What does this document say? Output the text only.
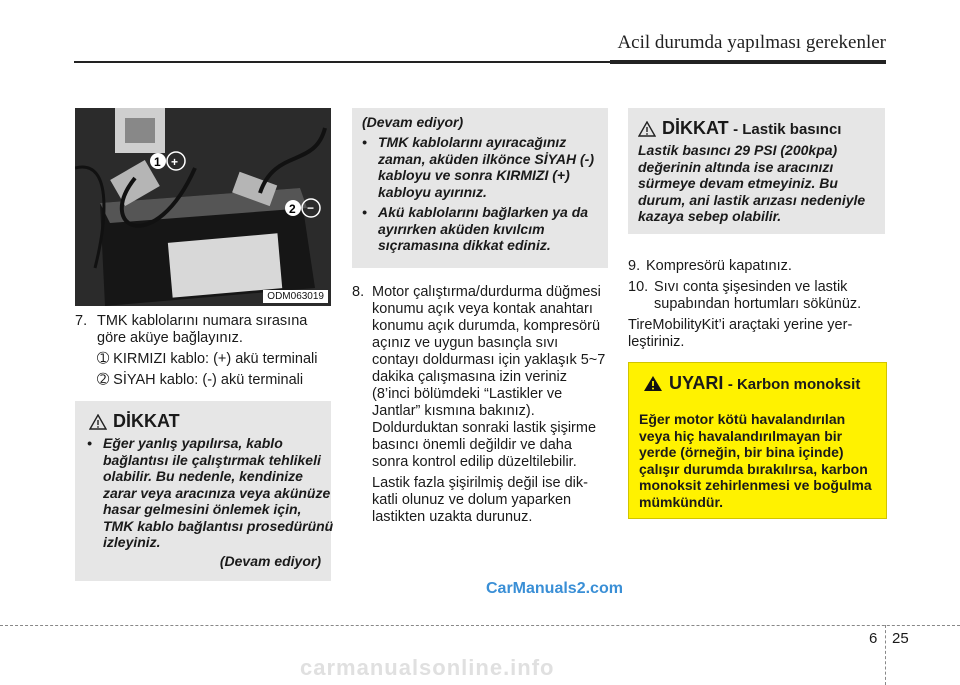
Acil durumda yapılması gerekenler
1
2
+
−
ODM063019
7. TMK kablolarını numara sırasına göre aküye bağlayınız.
➀ KIRMIZI kablo: (+) akü terminali
➁ SİYAH kablo: (-) akü terminali
DİKKAT
• Eğer yanlış yapılırsa, kablo bağlantısı ile çalıştırmak tehlikeli olabilir. Bu nedenle, kendinize zarar veya aracınıza veya akünüze hasar gelmesini önlemek için, TMK kablo bağlantısı prosedürünü izleyiniz.
(Devam ediyor)
(Devam ediyor)
• TMK kablolarını ayıracağınız zaman, aküden ilkönce SİYAH (-) kabloyu ve sonra KIRMIZI (+) kabloyu ayırınız.
• Akü kablolarını bağlarken ya da ayırırken aküden kıvılcım sıçramasına dikkat ediniz.
8. Motor çalıştırma/durdurma düğmesi konumu açık veya kontak anahtarı konumu açık durumda, kompresörü açınız ve uygun basınçla sıvı contayı doldurması için yaklaşık 5~7 dakika çalışmasına izin veriniz (8’inci bölümdeki “Lastikler ve Jantlar” kısmına bakınız). Doldurduktan sonraki lastik şişirme basıncı önemli değildir ve daha sonra kontrol edilip düzeltilebilir.
Lastik fazla şişirilmiş değil ise dikkatli olunuz ve dolum yaparken lastikten uzakta durunuz.
DİKKAT - Lastik basıncı
Lastik basıncı 29 PSI (200kpa) değerinin altında ise aracınızı sürmeye devam etmeyiniz. Bu durum, ani lastik arızası nedeniyle kazaya sebep olabilir.
9. Kompresörü kapatınız.
10. Sıvı conta şişesinden ve lastik supabından hortumları sökünüz.
TireMobilityKit’i araçtaki yerine yerleştiriniz.
UYARI - Karbon monoksit
Eğer motor kötü havalandırılan veya hiç havalandırılmayan bir yerde (örneğin, bir bina içinde) çalışır durumda bırakılırsa, karbon monoksit zehirlenmesi ve boğulma mümkündür.
CarManuals2.com
6 25
carmanualsonline.info
